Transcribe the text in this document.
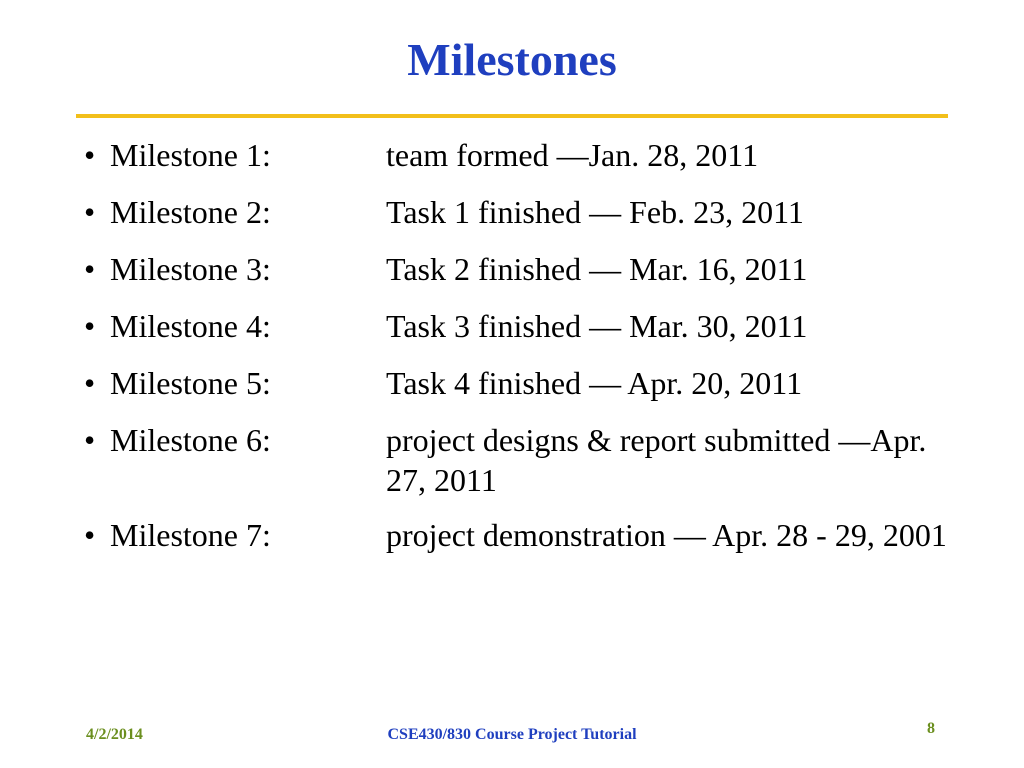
Milestones
• Milestone 1:	team formed —Jan. 28, 2011
• Milestone 2:	Task 1 finished — Feb. 23, 2011
• Milestone 3:	Task 2 finished — Mar. 16, 2011
• Milestone 4:	Task 3 finished — Mar. 30, 2011
• Milestone 5:	Task 4 finished — Apr. 20, 2011
• Milestone 6:	project designs & report submitted —Apr. 27, 2011
• Milestone 7:	project demonstration — Apr. 28 - 29, 2001
4/2/2014	CSE430/830 Course Project Tutorial	8
